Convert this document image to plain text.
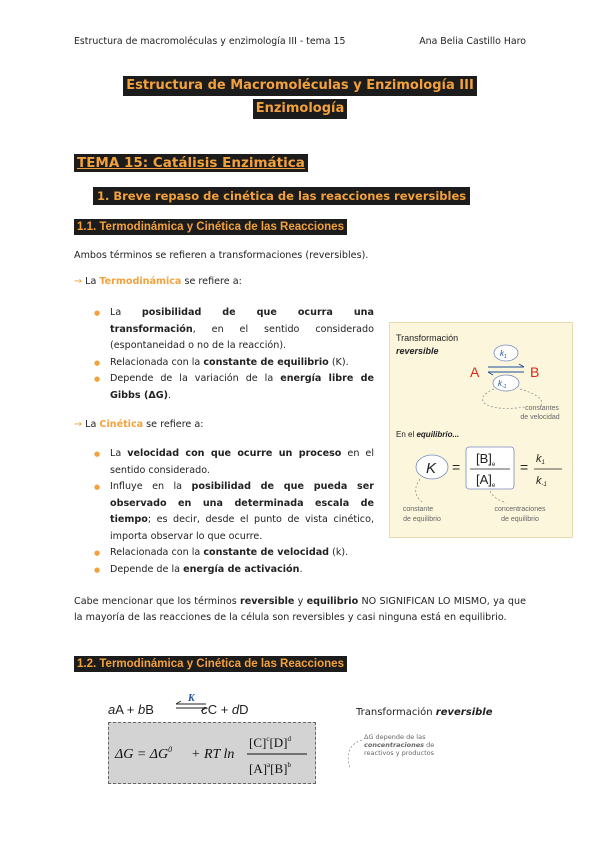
Estructura de macromoléculas y enzimología III - tema 15	Ana Belia Castillo Haro
Estructura de Macromoléculas y Enzimología III
Enzimología
TEMA 15: Catálisis Enzimática
1. Breve repaso de cinética de las reacciones reversibles
1.1. Termodinámica y Cinética de las Reacciones

Ambos términos se refieren a transformaciones (reversibles).

→ La Termodinámica se refiere a:
● La posibilidad de que ocurra una transformación, en el sentido considerado (espontaneidad o no de la reacción).
● Relacionada con la constante de equilibrio (K).
● Depende de la variación de la energía libre de Gibbs (ΔG).
→ La Cinética se refiere a:
● La velocidad con que ocurre un proceso en el sentido considerado.
● Influye en la posibilidad de que pueda ser observado en una determinada escala de tiempo; es decir, desde el punto de vista cinético, importa observar lo que ocurre.
● Relacionada con la constante de velocidad (k).
● Depende de la energía de activación.
Transformación
reversible
A	B
$k_1$
$k_{-1}$
constantes
de velocidad
En el equilibrio...
K =
$[B]_e$
$[A]_e$
= k1
k-1
constante
de equilibrio
concentraciones
de equilibrio

Cabe mencionar que los términos reversible y equilibrio NO SIGNIFICAN LO MISMO, ya que la mayoría de las reacciones de la célula son reversibles y casi ninguna está en equilibrio.

1.2. Termodinámica y Cinética de las Reacciones
K
aA + bB	cC + dD
$\Delta G = \Delta G^0$ + RT ln
$[C]^c[D]^d$
$[A]^a[B]^b$
Transformación reversible
ΔG depende de las concentraciones de reactivos y productos
